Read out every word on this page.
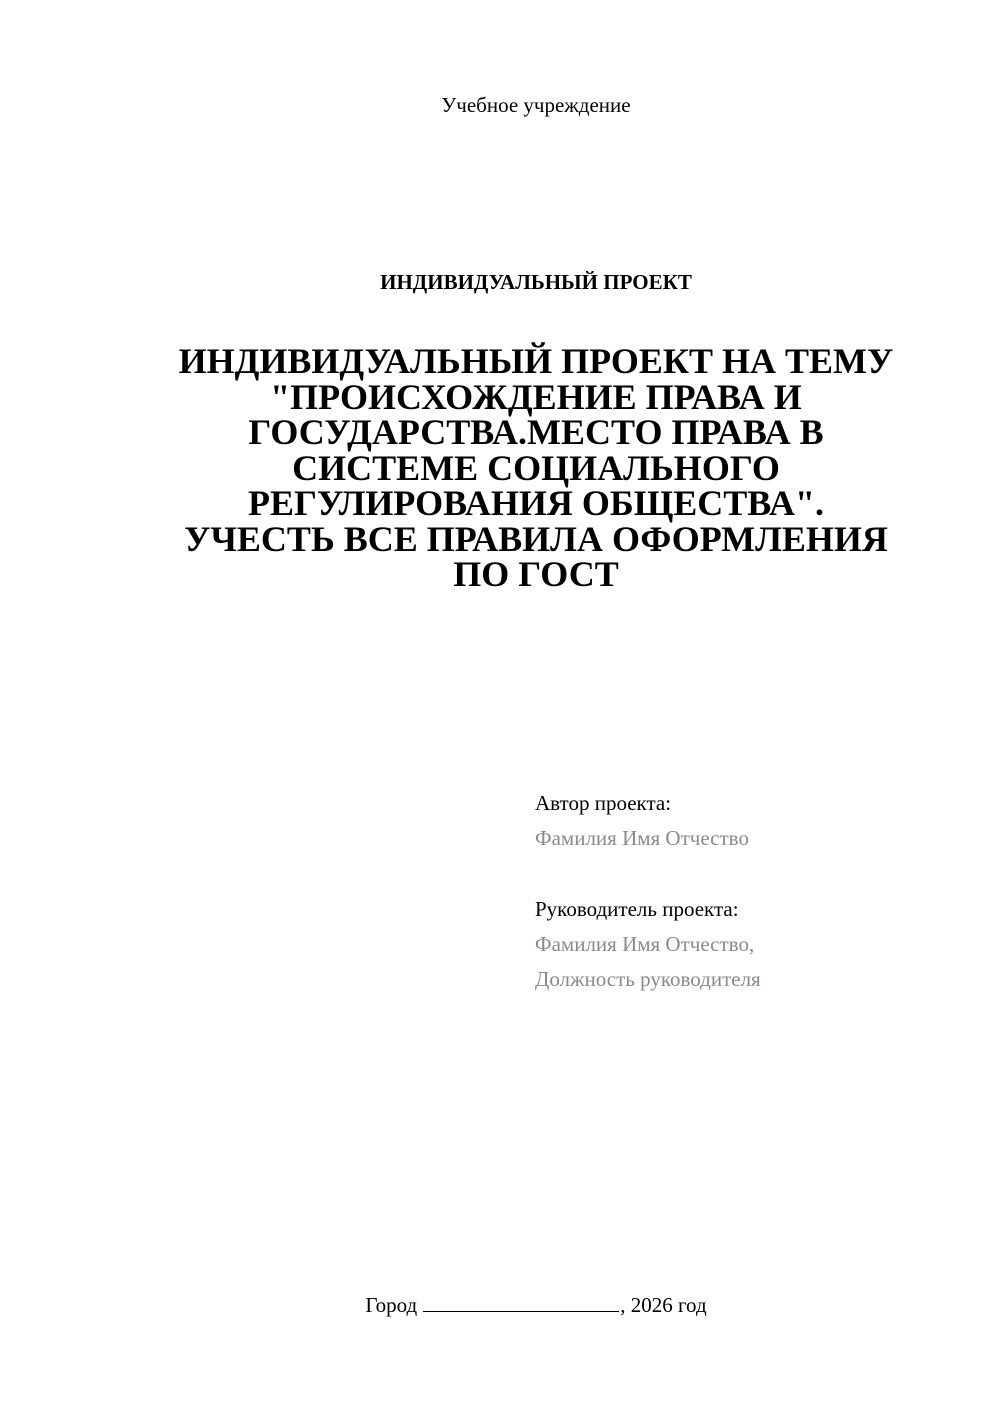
Учебное учреждение
ИНДИВИДУАЛЬНЫЙ ПРОЕКТ
ИНДИВИДУАЛЬНЫЙ ПРОЕКТ НА ТЕМУ
"ПРОИСХОЖДЕНИЕ ПРАВА И
ГОСУДАРСТВА.МЕСТО ПРАВА В
СИСТЕМЕ СОЦИАЛЬНОГО
РЕГУЛИРОВАНИЯ ОБЩЕСТВА".
УЧЕСТЬ ВСЕ ПРАВИЛА ОФОРМЛЕНИЯ
ПО ГОСТ
Автор проекта:
Фамилия Имя Отчество
Руководитель проекта:
Фамилия Имя Отчество,
Должность руководителя
Город	, 2026 год
